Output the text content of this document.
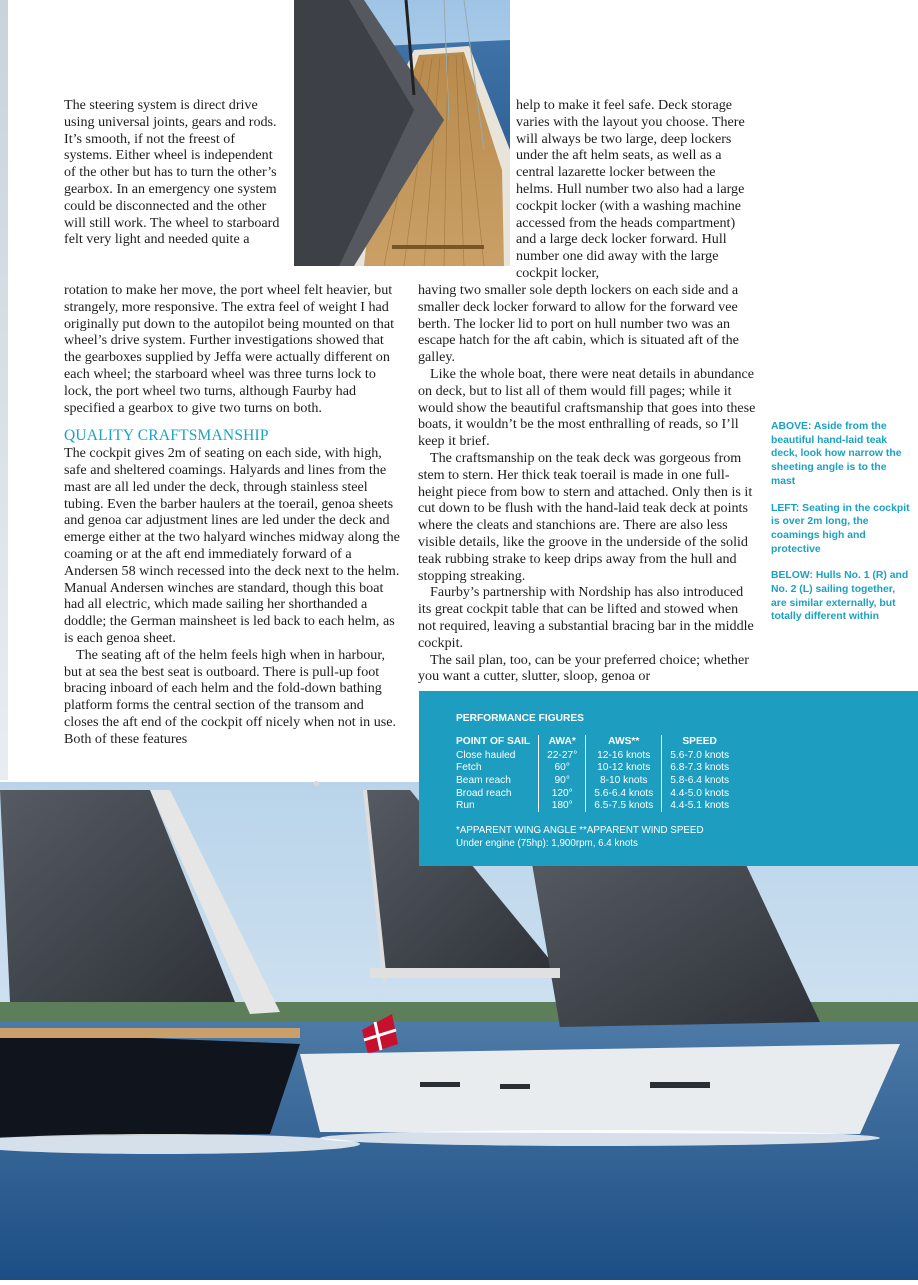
The steering system is direct drive using universal joints, gears and rods. It’s smooth, if not the freest of systems. Either wheel is independent of the other but has to turn the other’s gearbox. In an emergency one system could be disconnected and the other will still work. The wheel to starboard felt very light and needed quite a

rotation to make her move, the port wheel felt heavier, but strangely, more responsive. The extra feel of weight I had originally put down to the autopilot being mounted on that wheel’s drive system. Further investigations showed that the gearboxes supplied by Jeffa were actually different on each wheel; the starboard wheel was three turns lock to lock, the port wheel two turns, although Faurby had specified a gearbox to give two turns on both.

QUALITY CRAFTSMANSHIP

The cockpit gives 2m of seating on each side, with high, safe and sheltered coamings. Halyards and lines from the mast are all led under the deck, through stainless steel tubing. Even the barber haulers at the toerail, genoa sheets and genoa car adjustment lines are led under the deck and emerge either at the two halyard winches midway along the coaming or at the aft end immediately forward of a Andersen 58 winch recessed into the deck next to the helm. Manual Andersen winches are standard, though this boat had all electric, which made sailing her shorthanded a doddle; the German mainsheet is led back to each helm, as is each genoa sheet.

The seating aft of the helm feels high when in harbour, but at sea the best seat is outboard. There is pull-up foot bracing inboard of each helm and the fold-down bathing platform forms the central section of the transom and closes the aft end of the cockpit off nicely when not in use. Both of these features

help to make it feel safe. Deck storage varies with the layout you choose. There will always be two large, deep lockers under the aft helm seats, as well as a central lazarette locker between the helms. Hull number two also had a large cockpit locker (with a washing machine accessed from the heads compartment) and a large deck locker forward. Hull number one did away with the large cockpit locker,

having two smaller sole depth lockers on each side and a smaller deck locker forward to allow for the forward vee berth. The locker lid to port on hull number two was an escape hatch for the aft cabin, which is situated aft of the galley.

Like the whole boat, there were neat details in abundance on deck, but to list all of them would fill pages; while it would show the beautiful craftsmanship that goes into these boats, it wouldn’t be the most enthralling of reads, so I’ll keep it brief.

The craftsmanship on the teak deck was gorgeous from stem to stern. Her thick teak toerail is made in one full-height piece from bow to stern and attached. Only then is it cut down to be flush with the hand-laid teak deck at points where the cleats and stanchions are. There are also less visible details, like the groove in the underside of the solid teak rubbing strake to keep drips away from the hull and stopping streaking.

Faurby’s partnership with Nordship has also introduced its great cockpit table that can be lifted and stowed when not required, leaving a substantial bracing bar in the middle cockpit.

The sail plan, too, can be your preferred choice; whether you want a cutter, slutter, sloop, genoa or

ABOVE: Aside from the beautiful hand-laid teak deck, look how narrow the sheeting angle is to the mast

LEFT: Seating in the cockpit is over 2m long, the coamings high and protective

BELOW: Hulls No. 1 (R) and No. 2 (L) sailing together, are similar externally, but totally different within

PERFORMANCE FIGURES
POINT OF SAIL	AWA*	AWS**	SPEED
Close hauled	22-27°	12-16 knots	5.6-7.0 knots
Fetch	60°	10-12 knots	6.8-7.3 knots
Beam reach	90°	8-10 knots	5.8-6.4 knots
Broad reach	120°	5.6-6.4 knots	4.4-5.0 knots
Run	180°	6.5-7.5 knots	4.4-5.1 knots
*APPARENT WING ANGLE **APPARENT WIND SPEED
Under engine (75hp): 1,900rpm, 6.4 knots
